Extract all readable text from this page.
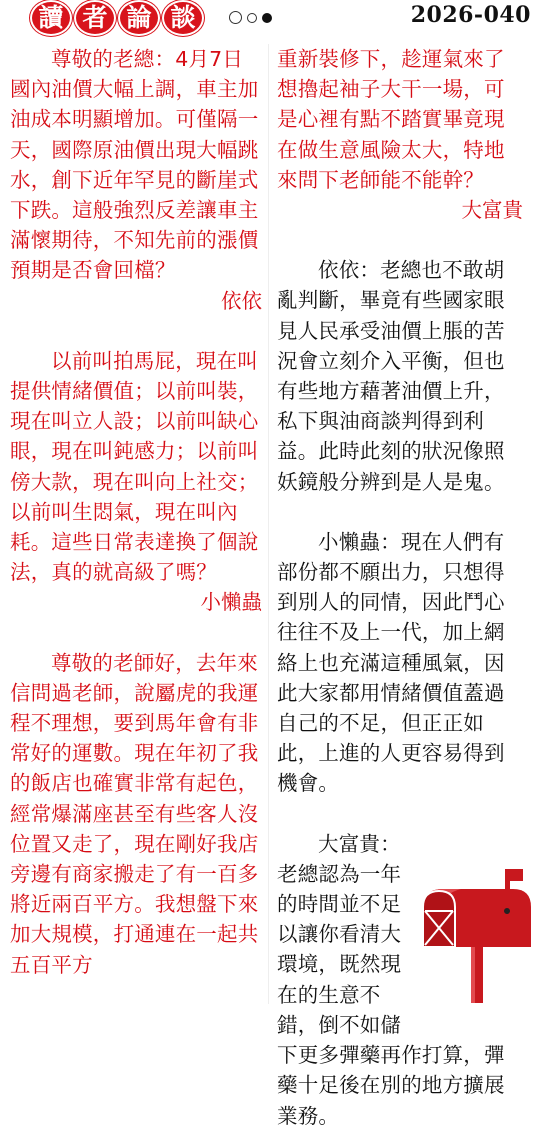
讀 者 論 談	2026-040

尊敬的老總：4月7日國內油價大幅上調，車主加油成本明顯增加。可僅隔一天，國際原油價出現大幅跳水，創下近年罕見的斷崖式下跌。這般強烈反差讓車主滿懷期待，不知先前的漲價預期是否會回檔？

依依

以前叫拍馬屁，現在叫提供情緒價值；以前叫裝，現在叫立人設；以前叫缺心眼，現在叫鈍感力；以前叫傍大款，現在叫向上社交；以前叫生悶氣，現在叫內耗。這些日常表達換了個說法，真的就高級了嗎？

小懶蟲

尊敬的老師好，去年來信問過老師，說屬虎的我運程不理想，要到馬年會有非常好的運數。現在年初了我的飯店也確實非常有起色，經常爆滿座甚至有些客人沒位置又走了，現在剛好我店旁邊有商家搬走了有一百多將近兩百平方。我想盤下來加大規模，打通連在一起共五百平方

重新裝修下，趁運氣來了想擼起袖子大干一場，可是心裡有點不踏實畢竟現在做生意風險太大，特地來問下老師能不能幹？

大富貴

依依：老總也不敢胡亂判斷，畢竟有些國家眼見人民承受油價上脹的苦況會立刻介入平衡，但也有些地方藉著油價上升，私下與油商談判得到利益。此時此刻的狀況像照妖鏡般分辨到是人是鬼。

小懶蟲：現在人們有部份都不願出力，只想得到別人的同情，因此鬥心往往不及上一代，加上網絡上也充滿這種風氣，因此大家都用情緒價值蓋過自己的不足，但正正如此，上進的人更容易得到機會。

大富貴：老總認為一年的時間並不足以讓你看清大環境，既然現在的生意不錯，倒不如儲下更多彈藥再作打算，彈藥十足後在別的地方擴展業務。
